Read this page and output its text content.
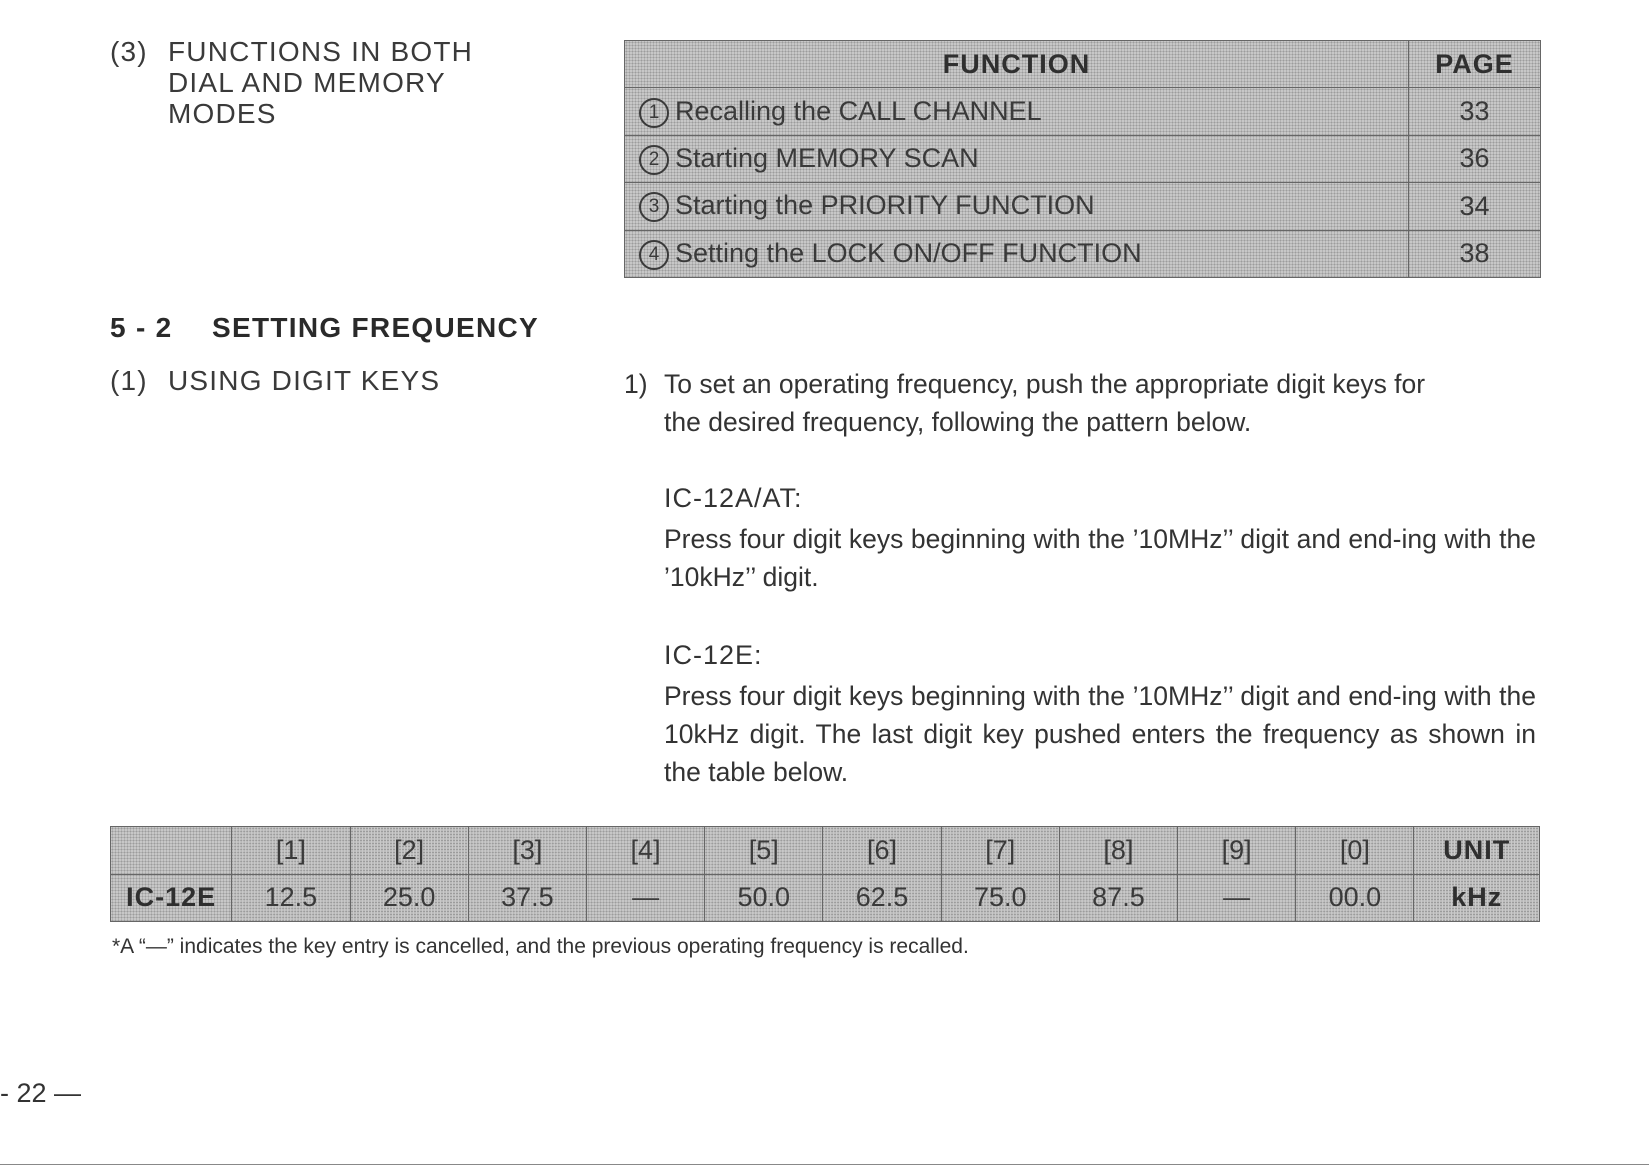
(3) FUNCTIONS IN BOTH
DIAL AND MEMORY
MODES
FUNCTION	PAGE
1 Recalling the CALL CHANNEL	33
2 Starting MEMORY SCAN	36
3 Starting the PRIORITY FUNCTION	34
4 Setting the LOCK ON/OFF FUNCTION	38
5 - 2 SETTING FREQUENCY
(1) USING DIGIT KEYS	1) To set an operating frequency, push the appropriate digit keys for
the desired frequency, following the pattern below.
IC-12A/AT:
Press four digit keys beginning with the ’10MHz’’ digit and end-ing with the ’10kHz’’ digit.
IC-12E:
Press four digit keys beginning with the ’10MHz’’ digit and end-ing with the 10kHz digit. The last digit key pushed enters the frequency as shown in the table below.
	[1]	[2]	[3]	[4]	[5]	[6]	[7]	[8]	[9]	[0]	UNIT
IC-12E	12.5	25.0	37.5	—	50.0	62.5	75.0	87.5	—	00.0	kHz
*A “—” indicates the key entry is cancelled, and the previous operating frequency is recalled.
- 22 —
